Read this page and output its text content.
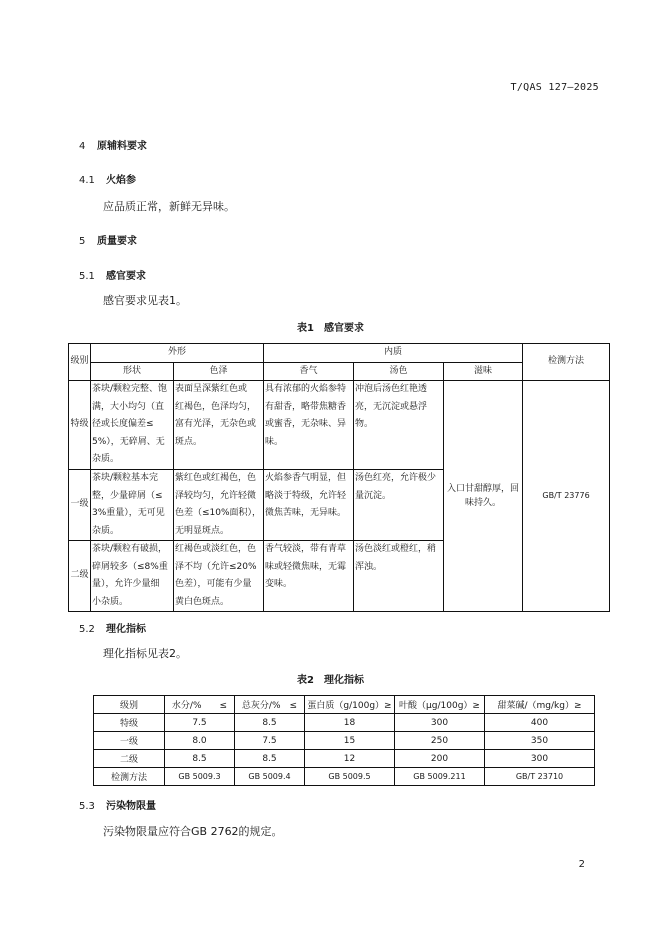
T/QAS 127—2025
4 原辅料要求
4.1 火焰参
应品质正常，新鲜无异味。
5 质量要求
5.1 感官要求
感官要求见表1。
表1　感官要求
级别	外形		内质			检测方法
	形状	色泽	香气	汤色	滋味	
特级	茶块/颗粒完整、饱
满，大小均匀（直
径或长度偏差≤
5%），无碎屑、无
杂质。	表面呈深紫红色或
红褐色，色泽均匀，
富有光泽，无杂色或
斑点。	具有浓郁的火焰参特
有甜香，略带焦糖香
或蜜香，无杂味、异
味。	冲泡后汤色红艳透
亮，无沉淀或悬浮
物。	入口甘甜醇厚，回
味持久。	GB/T 23776
一级	茶块/颗粒基本完
整，少量碎屑（≤
3%重量），无可见
杂质。	紫红色或红褐色，色
泽较均匀，允许轻微
色差（≤10%面积），
无明显斑点。	火焰参香气明显，但
略淡于特级，允许轻
微焦苦味，无异味。	汤色红亮，允许极少
量沉淀。		
二级	茶块/颗粒有破损，
碎屑较多（≤8%重
量），允许少量细
小杂质。	红褐色或淡红色，色
泽不均（允许≤20%
色差），可能有少量
黄白色斑点。	香气较淡，带有青草
味或轻微焦味，无霉
变味。	汤色淡红或橙红，稍
浑浊。		
5.2 理化指标
理化指标见表2。
表2　理化指标
级别	水分/%　　≤	总灰分/%　≤	蛋白质（g/100g）≥	叶酸（μg/100g）≥	甜菜碱/（mg/kg）≥
特级	7.5	8.5	18	300	400
一级	8.0	7.5	15	250	350
二级	8.5	8.5	12	200	300
检测方法	GB 5009.3	GB 5009.4	GB 5009.5	GB 5009.211	GB/T 23710
5.3 污染物限量
污染物限量应符合GB 2762的规定。
2
